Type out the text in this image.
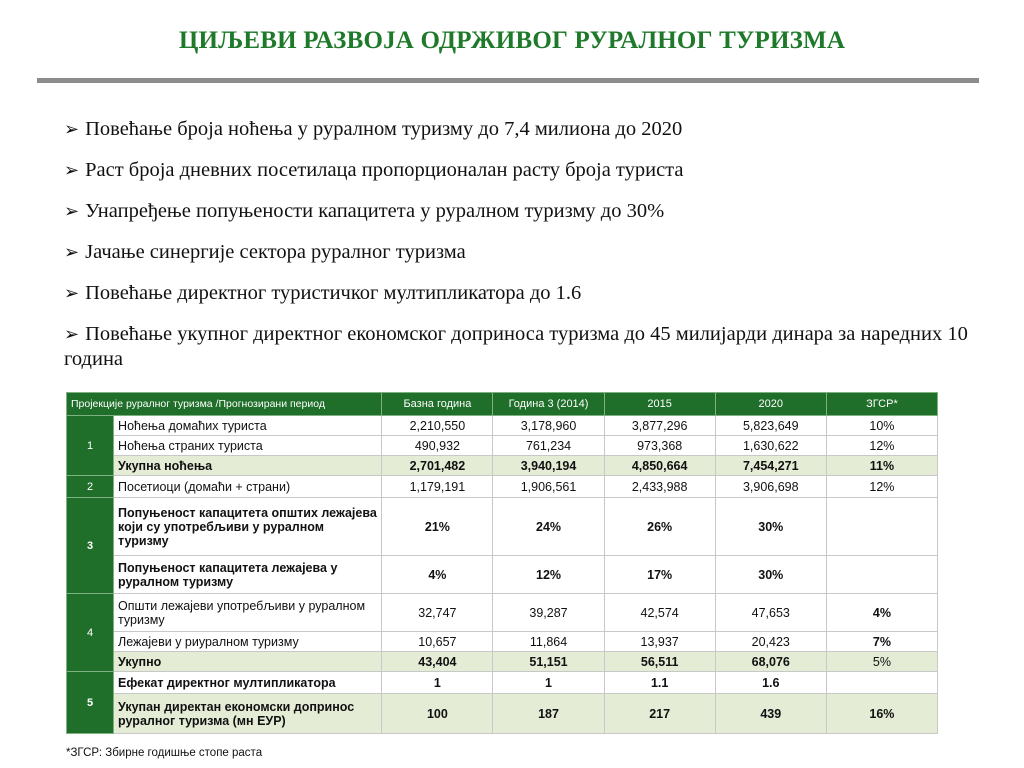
ЦИЉЕВИ РАЗВОЈА ОДРЖИВОГ РУРАЛНОГ ТУРИЗМА
➢ Повећање броја ноћења у руралном туризму до 7,4 милиона до 2020
➢ Раст броја дневних посетилаца пропорционалан расту броја туриста
➢ Унапређење попуњености капацитета у руралном туризму до 30%
➢ Јачање синергије сектора руралног туризма
➢ Повећање директног туристичког мултипликатора до 1.6
➢ Повећање укупног директног економског доприноса туризма до 45 милијарди динара за наредних 10 година
Пројекције руралног туризма /Прогнозирани период		Базна година	Година 3 (2014)	2015	2020	ЗГСР*
1	Ноћења домаћих туриста	2,210,550	3,178,960	3,877,296	5,823,649	10%
	Ноћења страних туриста	490,932	761,234	973,368	1,630,622	12%
	Укупна ноћења	2,701,482	3,940,194	4,850,664	7,454,271	11%
2	Посетиоци (домаћи + страни)	1,179,191	1,906,561	2,433,988	3,906,698	12%
3	Попуњеност капацитета општих лежајева који су употребљиви у руралном туризму	21%	24%	26%	30%	
	Попуњеност капацитета лежајева у руралном туризму	4%	12%	17%	30%	
4	Општи лежајеви употребљиви у руралном туризму	32,747	39,287	42,574	47,653	4%
	Лежајеви у риуралном туризму	10,657	11,864	13,937	20,423	7%
	Укупно	43,404	51,151	56,511	68,076	5%
5	Ефекат директног мултипликатора	1	1	1.1	1.6	
	Укупан директан економски допринос руралног туризма (мн ЕУР)	100	187	217	439	16%
*ЗГСР: Збирне годишње стопе раста
